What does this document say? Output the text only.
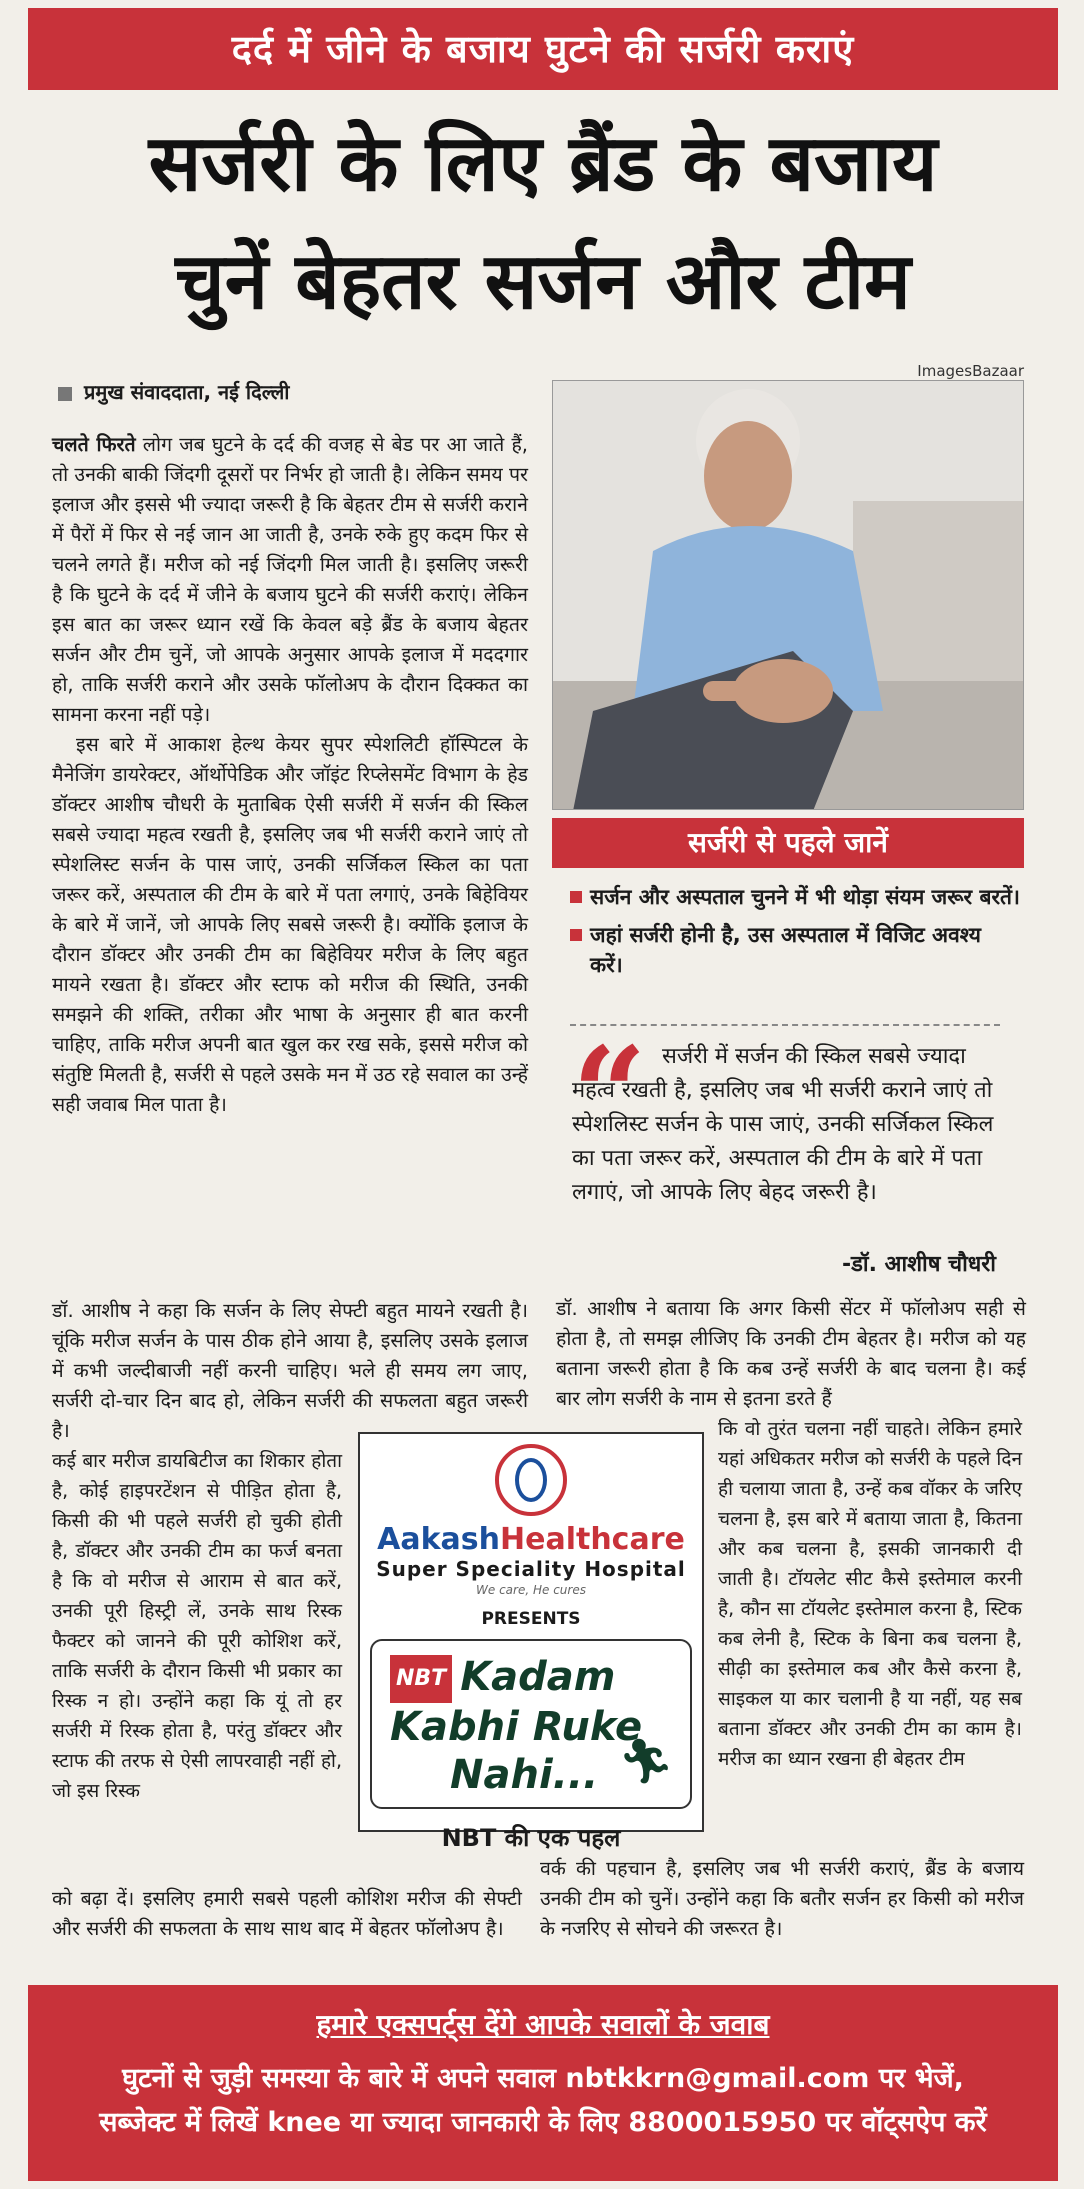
दर्द में जीने के बजाय घुटने की सर्जरी कराएं
सर्जरी के लिए ब्रैंड के बजाय
चुनें बेहतर सर्जन और टीम
ImagesBazaar
प्रमुख संवाददाता, नई दिल्ली

चलते फिरते लोग जब घुटने के दर्द की वजह से बेड पर आ जाते हैं, तो उनकी बाकी जिंदगी दूसरों पर निर्भर हो जाती है। लेकिन समय पर इलाज और इससे भी ज्यादा जरूरी है कि बेहतर टीम से सर्जरी कराने में पैरों में फिर से नई जान आ जाती है, उनके रुके हुए कदम फिर से चलने लगते हैं। मरीज को नई जिंदगी मिल जाती है। इसलिए जरूरी है कि घुटने के दर्द में जीने के बजाय घुटने की सर्जरी कराएं। लेकिन इस बात का जरूर ध्यान रखें कि केवल बड़े ब्रैंड के बजाय बेहतर सर्जन और टीम चुनें, जो आपके अनुसार आपके इलाज में मददगार हो, ताकि सर्जरी कराने और उसके फॉलोअप के दौरान दिक्कत का सामना करना नहीं पड़े।

इस बारे में आकाश हेल्थ केयर सुपर स्पेशलिटी हॉस्पिटल के मैनेजिंग डायरेक्टर, ऑर्थोपेडिक और जॉइंट रिप्लेसमेंट विभाग के हेड डॉक्टर आशीष चौधरी के मुताबिक ऐसी सर्जरी में सर्जन की स्किल सबसे ज्यादा महत्व रखती है, इसलिए जब भी सर्जरी कराने जाएं तो स्पेशलिस्ट सर्जन के पास जाएं, उनकी सर्जिकल स्किल का पता जरूर करें, अस्पताल की टीम के बारे में पता लगाएं, उनके बिहेवियर के बारे में जानें, जो आपके लिए सबसे जरूरी है। क्योंकि इलाज के दौरान डॉक्टर और उनकी टीम का बिहेवियर मरीज के लिए बहुत मायने रखता है। डॉक्टर और स्टाफ को मरीज की स्थिति, उनकी समझने की शक्ति, तरीका और भाषा के अनुसार ही बात करनी चाहिए, ताकि मरीज अपनी बात खुल कर रख सके, इससे मरीज को संतुष्टि मिलती है, सर्जरी से पहले उसके मन में उठ रहे सवाल का उन्हें सही जवाब मिल पाता है।

डॉ. आशीष ने कहा कि सर्जन के लिए सेफ्टी बहुत मायने रखती है। चूंकि मरीज सर्जन के पास ठीक होने आया है, इसलिए उसके इलाज में कभी जल्दीबाजी नहीं करनी चाहिए। भले ही समय लग जाए, सर्जरी दो-चार दिन बाद हो, लेकिन सर्जरी की सफलता बहुत जरूरी है।
कई बार मरीज डायबिटीज का शिकार होता है, कोई हाइपरटेंशन से पीड़ित होता है, किसी की भी पहले सर्जरी हो चुकी होती है, डॉक्टर और उनकी टीम का फर्ज बनता है कि वो मरीज से आराम से बात करें, उनकी पूरी हिस्ट्री लें, उनके साथ रिस्क फैक्टर को जानने की पूरी कोशिश करें, ताकि सर्जरी के दौरान किसी भी प्रकार का रिस्क न हो। उन्होंने कहा कि यूं तो हर सर्जरी में रिस्क होता है, परंतु डॉक्टर और स्टाफ की तरफ से ऐसी लापरवाही नहीं हो, जो इस रिस्क
को बढ़ा दें। इसलिए हमारी सबसे पहली कोशिश मरीज की सेफ्टी और सर्जरी की सफलता के साथ साथ बाद में बेहतर फॉलोअप है।
सर्जरी से पहले जानें
सर्जन और अस्पताल चुनने में भी थोड़ा संयम जरूर बरतें।
जहां सर्जरी होनी है, उस अस्पताल में विजिट अवश्य करें।
“ सर्जरी में सर्जन की स्किल सबसे ज्यादा महत्व रखती है, इसलिए जब भी सर्जरी कराने जाएं तो स्पेशलिस्ट सर्जन के पास जाएं, उनकी सर्जिकल स्किल का पता जरूर करें, अस्पताल की टीम के बारे में पता लगाएं, जो आपके लिए बेहद जरूरी है।
-डॉ. आशीष चौधरी
डॉ. आशीष ने बताया कि अगर किसी सेंटर में फॉलोअप सही से होता है, तो समझ लीजिए कि उनकी टीम बेहतर है। मरीज को यह बताना जरूरी होता है कि कब उन्हें सर्जरी के बाद चलना है। कई बार लोग सर्जरी के नाम से इतना डरते हैं
कि वो तुरंत चलना नहीं चाहते। लेकिन हमारे यहां अधिकतर मरीज को सर्जरी के पहले दिन ही चलाया जाता है, उन्हें कब वॉकर के जरिए चलना है, इस बारे में बताया जाता है, कितना और कब चलना है, इसकी जानकारी दी जाती है। टॉयलेट सीट कैसे इस्तेमाल करनी है, कौन सा टॉयलेट इस्तेमाल करना है, स्टिक कब लेनी है, स्टिक के बिना कब चलना है, सीढ़ी का इस्तेमाल कब और कैसे करना है, साइकल या कार चलानी है या नहीं, यह सब बताना डॉक्टर और उनकी टीम का काम है। मरीज का ध्यान रखना ही बेहतर टीम
वर्क की पहचान है, इसलिए जब भी सर्जरी कराएं, ब्रैंड के बजाय उनकी टीम को चुनें। उन्होंने कहा कि बतौर सर्जन हर किसी को मरीज के नजरिए से सोचने की जरूरत है।
AakashHealthcare
Super Speciality Hospital
We care, He cures
PRESENTS
NBT Kadam
Kabhi Ruke
Nahi... 🏃︎
NBT की एक पहल
हमारे एक्सपर्ट्स देंगे आपके सवालों के जवाब
घुटनों से जुड़ी समस्या के बारे में अपने सवाल nbtkkrn@gmail.com पर भेजें,
सब्जेक्ट में लिखें knee या ज्यादा जानकारी के लिए 8800015950 पर वॉट्सऐप करें
